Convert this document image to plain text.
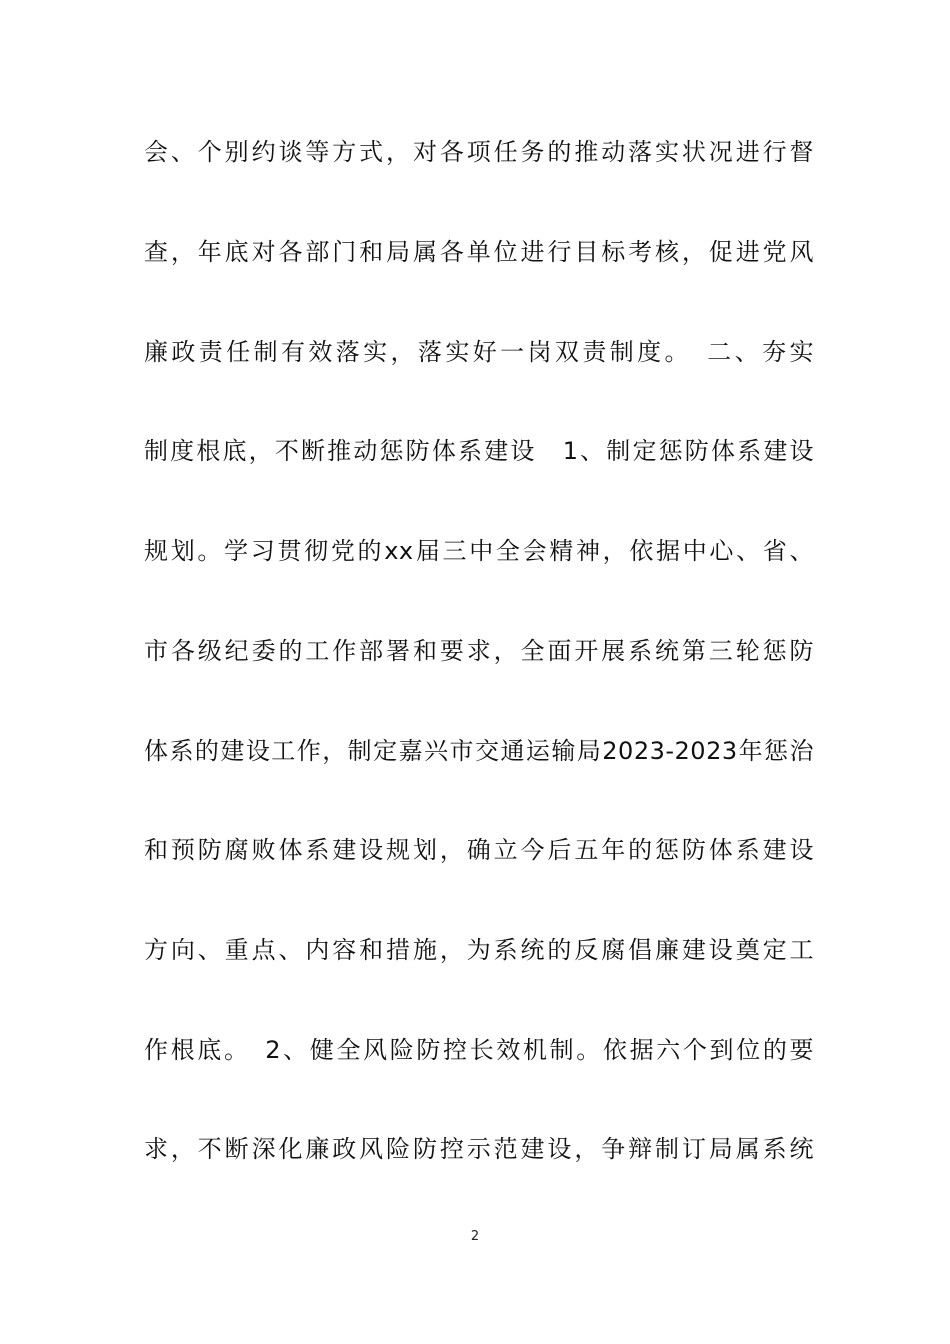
会、个别约谈等方式，对各项任务的推动落实状况进行督
查，年底对各部门和局属各单位进行目标考核，促进党风
廉政责任制有效落实，落实好一岗双责制度。　二、夯实
制度根底，不断推动惩防体系建设　1、制定惩防体系建设
规划。学习贯彻党的xx届三中全会精神，依据中心、省、
市各级纪委的工作部署和要求，全面开展系统第三轮惩防
体系的建设工作，制定嘉兴市交通运输局2023-2023年惩治
和预防腐败体系建设规划，确立今后五年的惩防体系建设
方向、重点、内容和措施，为系统的反腐倡廉建设奠定工
作根底。　2、健全风险防控长效机制。依据六个到位的要
求，不断深化廉政风险防控示范建设，争辩制订局属系统
2
